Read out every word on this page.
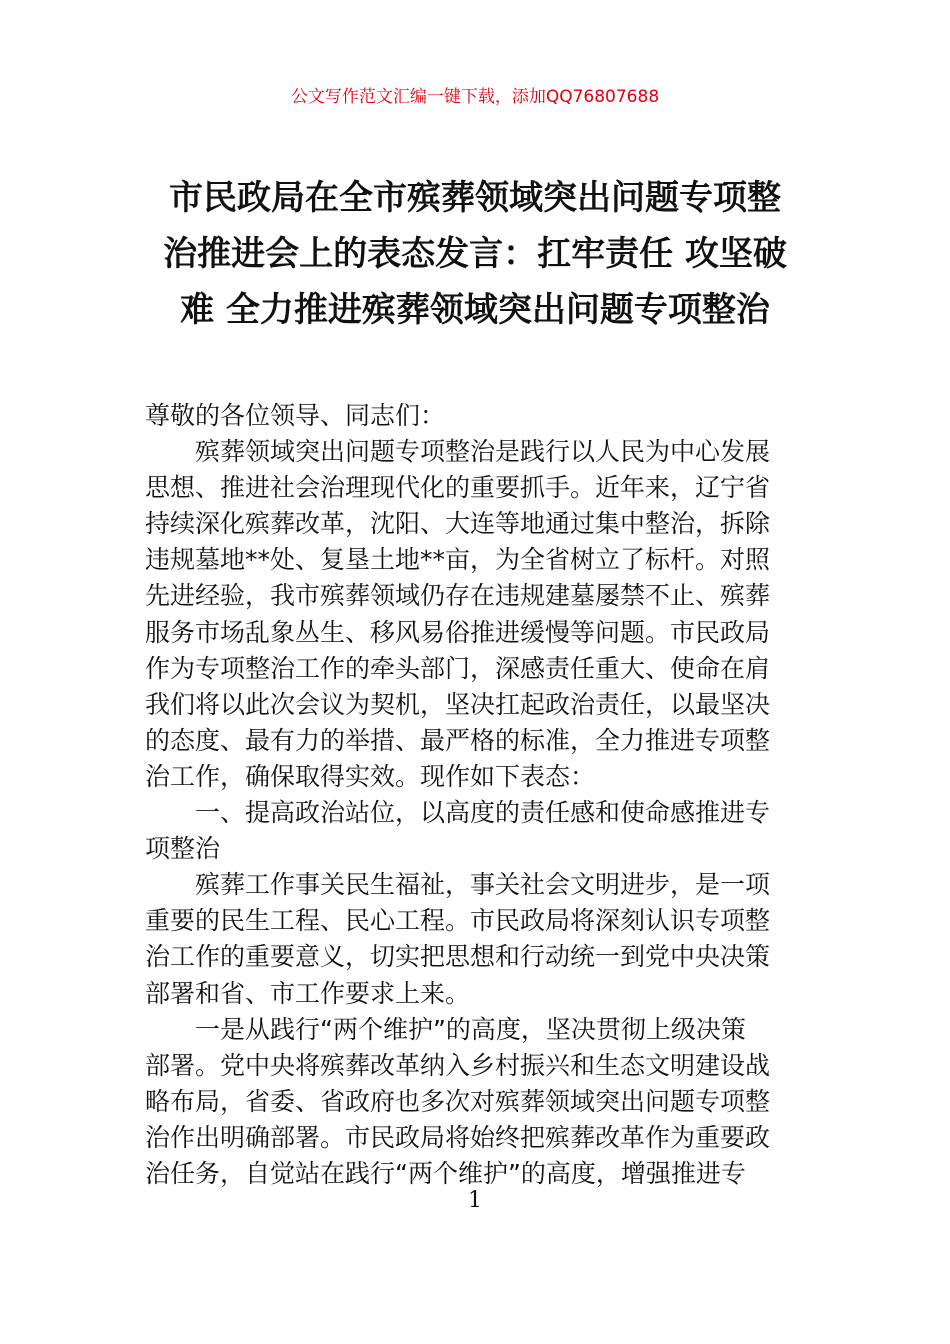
公文写作范文汇编一键下载，添加QQ76807688
市民政局在全市殡葬领域突出问题专项整
治推进会上的表态发言：扛牢责任 攻坚破
难 全力推进殡葬领域突出问题专项整治

尊敬的各位领导、同志们：

殡葬领域突出问题专项整治是践行以人民为中心发展

思想、推进社会治理现代化的重要抓手。近年来，辽宁省

持续深化殡葬改革，沈阳、大连等地通过集中整治，拆除

违规墓地**处、复垦土地**亩，为全省树立了标杆。对照

先进经验，我市殡葬领域仍存在违规建墓屡禁不止、殡葬

服务市场乱象丛生、移风易俗推进缓慢等问题。市民政局

作为专项整治工作的牵头部门，深感责任重大、使命在肩

我们将以此次会议为契机，坚决扛起政治责任，以最坚决

的态度、最有力的举措、最严格的标准，全力推进专项整

治工作，确保取得实效。现作如下表态：

一、提高政治站位，以高度的责任感和使命感推进专

项整治

殡葬工作事关民生福祉，事关社会文明进步，是一项

重要的民生工程、民心工程。市民政局将深刻认识专项整

治工作的重要意义，切实把思想和行动统一到党中央决策

部署和省、市工作要求上来。

一是从践行“两个维护”的高度，坚决贯彻上级决策

部署。党中央将殡葬改革纳入乡村振兴和生态文明建设战

略布局，省委、省政府也多次对殡葬领域突出问题专项整

治作出明确部署。市民政局将始终把殡葬改革作为重要政

治任务，自觉站在践行“两个维护”的高度，增强推进专

1
